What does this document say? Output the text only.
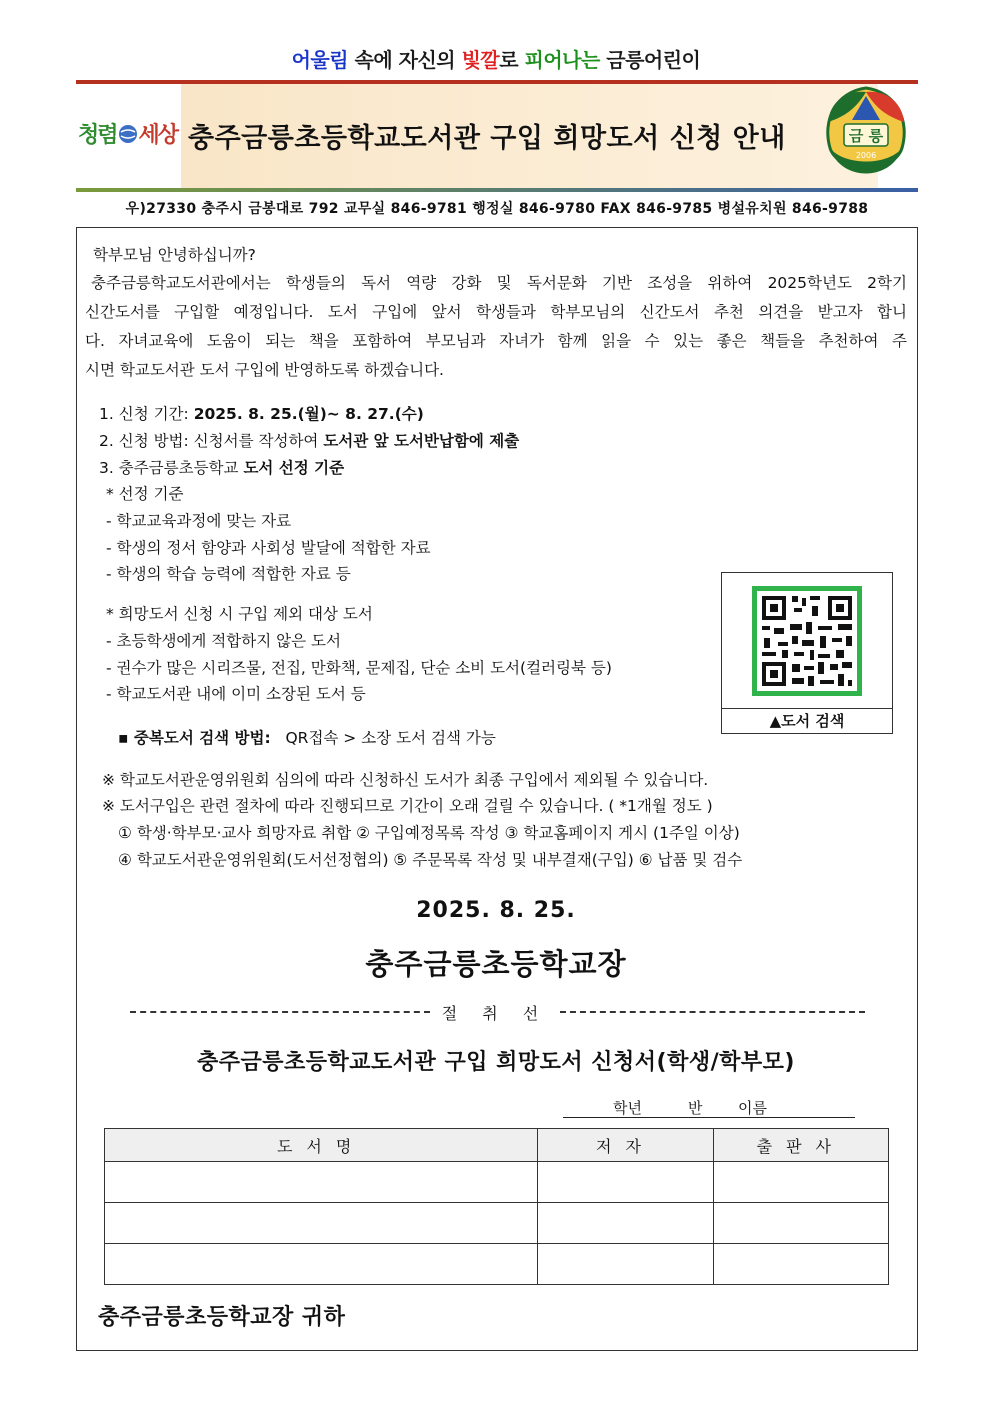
어울림 속에 자신의 빛깔로 피어나는 금릉어린이
청렴 세상 충주금릉초등학교도서관 구입 희망도서 신청 안내	금 릉
2006
우)27330 충주시 금봉대로 792 교무실 846-9781 행정실 846-9780 FAX 846-9785 병설유치원 846-9788
학부모님 안녕하십니까?
충주금릉학교도서관에서는 학생들의 독서 역량 강화 및 독서문화 기반 조성을 위하여 2025학년도 2학기
신간도서를 구입할 예정입니다. 도서 구입에 앞서 학생들과 학부모님의 신간도서 추천 의견을 받고자 합니
다. 자녀교육에 도움이 되는 책을 포함하여 부모님과 자녀가 함께 읽을 수 있는 좋은 책들을 추천하여 주
시면 학교도서관 도서 구입에 반영하도록 하겠습니다.
1. 신청 기간: 2025. 8. 25.(월)~ 8. 27.(수)
2. 신청 방법: 신청서를 작성하여 도서관 앞 도서반납함에 제출
3. 충주금릉초등학교 도서 선정 기준
* 선정 기준
- 학교교육과정에 맞는 자료
- 학생의 정서 함양과 사회성 발달에 적합한 자료
- 학생의 학습 능력에 적합한 자료 등
* 희망도서 신청 시 구입 제외 대상 도서
- 초등학생에게 적합하지 않은 도서
- 권수가 많은 시리즈물, 전집, 만화책, 문제집, 단순 소비 도서(컬러링북 등)
- 학교도서관 내에 이미 소장된 도서 등
▪ 중복도서 검색 방법: QR접속 > 소장 도서 검색 가능
▲도서 검색
※ 학교도서관운영위원회 심의에 따라 신청하신 도서가 최종 구입에서 제외될 수 있습니다.
※ 도서구입은 관련 절차에 따라 진행되므로 기간이 오래 걸릴 수 있습니다. ( *1개월 정도 )
① 학생·학부모·교사 희망자료 취합 ② 구입예정목록 작성 ③ 학교홈페이지 게시 (1주일 이상)
④ 학교도서관운영위원회(도서선정협의) ⑤ 주문목록 작성 및 내부결재(구입) ⑥ 납품 및 검수
2025. 8. 25.
충주금릉초등학교장
절 취 선
충주금릉초등학교도서관 구입 희망도서 신청서(학생/학부모)
학년	반 이름
도서명	저자	출판사

충주금릉초등학교장 귀하
